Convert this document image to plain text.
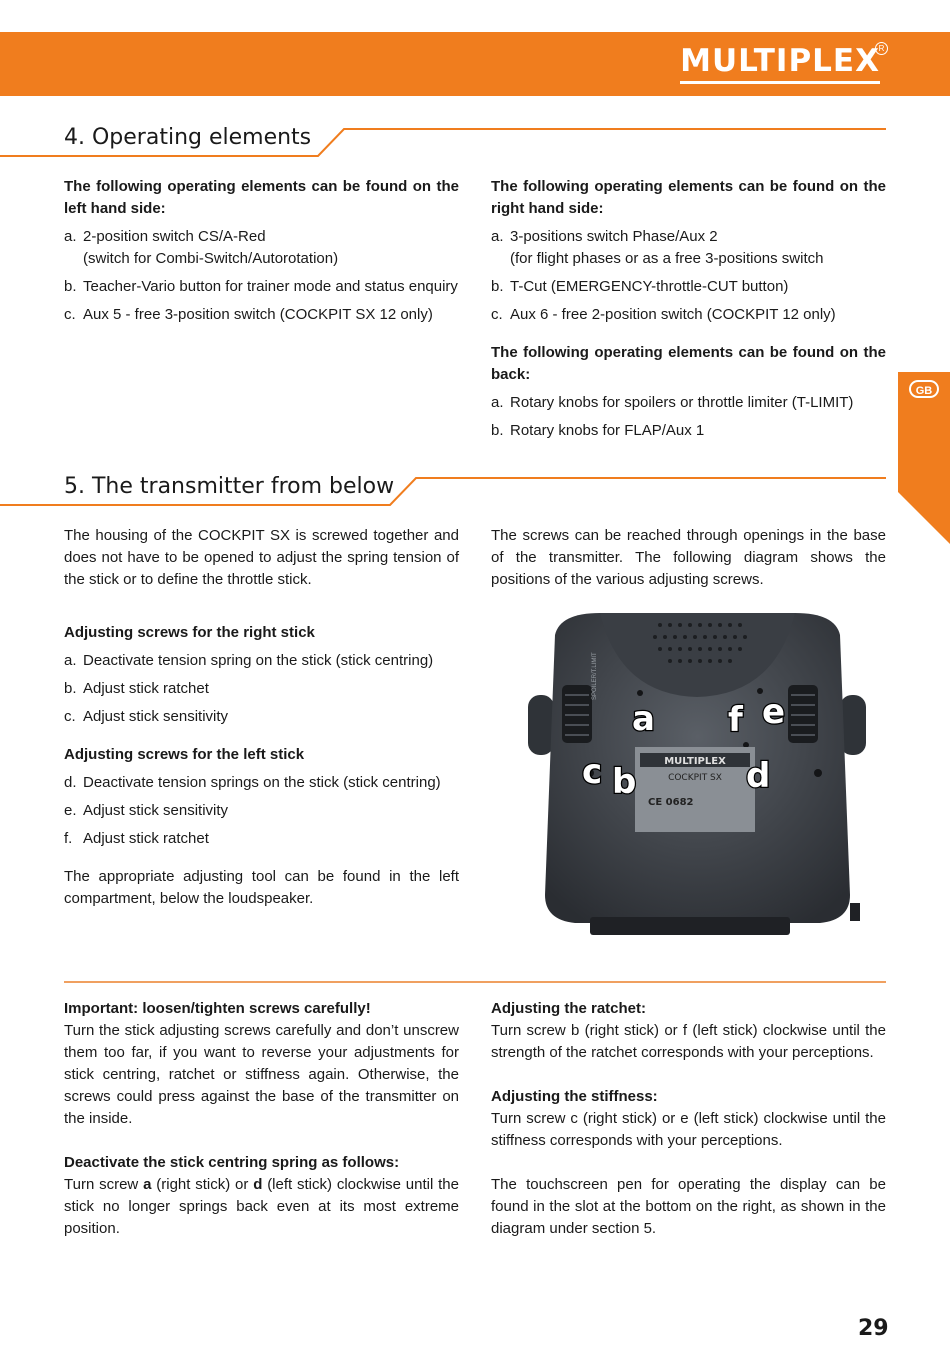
MULTIPLEX
R
GB
4. Operating elements

The following operating elements can be found on the left hand side:

a. 2-position switch CS/A-Red
(switch for Combi-Switch/Autorotation)
b. Teacher-Vario button for trainer mode and status enquiry
c. Aux 5 - free 3-position switch (COCKPIT SX 12 only)

The following operating elements can be found on the right hand side:

a. 3-positions switch Phase/Aux 2
(for flight phases or as a free 3-positions switch
b. T-Cut (EMERGENCY-throttle-CUT button)
c. Aux 6 - free 2-position switch (COCKPIT 12 only)

The following operating elements can be found on the back:

a. Rotary knobs for spoilers or throttle limiter (T-LIMIT)
b. Rotary knobs for FLAP/Aux 1
5. The transmitter from below

The housing of the COCKPIT SX is screwed together and does not have to be opened to adjust the spring tension of the stick or to define the throttle stick.

The screws can be reached through openings in the base of the transmitter. The following diagram shows the positions of the various adjusting screws.

Adjusting screws for the right stick

a. Deactivate tension spring on the stick (stick centring)
b. Adjust stick ratchet
c. Adjust stick sensitivity

Adjusting screws for the left stick

d. Deactivate tension springs on the stick (stick centring)
e. Adjust stick sensitivity
f. Adjust stick ratchet

The appropriate adjusting tool can be found in the left compartment, below the loudspeaker.

SPOILER/T.LIMIT
MULTIPLEX
COCKPIT SX
CE 0682
a
b
c	d
e
f

Important: loosen/tighten screws carefully!

Turn the stick adjusting screws carefully and don’t unscrew them too far, if you want to reverse your adjustments for stick centring, ratchet or stiffness again. Otherwise, the screws could press against the base of the transmitter on the inside.

Deactivate the stick centring spring as follows:

Turn screw a (right stick) or d (left stick) clockwise until the stick no longer springs back even at its most extreme position.

Adjusting the ratchet:

Turn screw b (right stick) or f (left stick) clockwise until the strength of the ratchet corresponds with your perceptions.

Adjusting the stiffness:

Turn screw c (right stick) or e (left stick) clockwise until the stiffness corresponds with your perceptions.

The touchscreen pen for operating the display can be found in the slot at the bottom on the right, as shown in the diagram under section 5.

29
